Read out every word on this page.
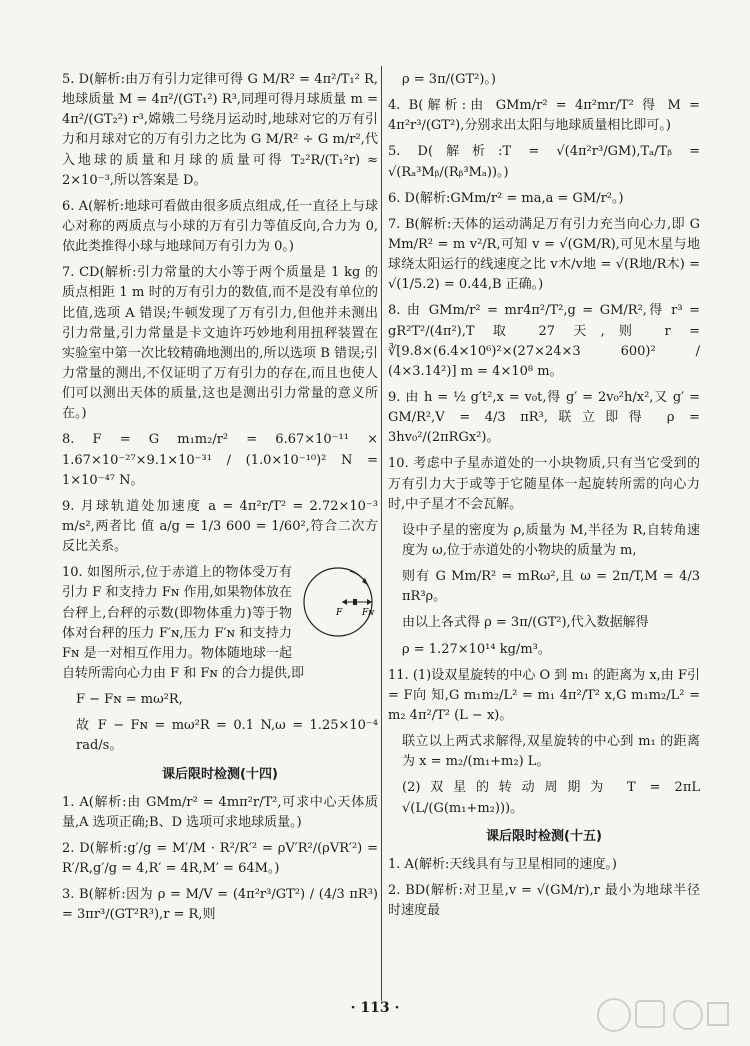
5. D(解析:由万有引力定律可得 G M/R² = 4π²/T₁² R,地球质量 M = 4π²/(GT₁²) R³,同理可得月球质量 m = 4π²/(GT₂²) r³,嫦娥二号绕月运动时,地球对它的万有引力和月球对它的万有引力之比为 G M/R² ÷ G m/r²,代入地球的质量和月球的质量可得 T₂²R/(T₁²r) ≈ 2×10⁻³,所以答案是 D。

6. A(解析:地球可看做由很多质点组成,任一直径上与球心对称的两质点与小球的万有引力等值反向,合力为 0,依此类推得小球与地球间万有引力为 0。)

7. CD(解析:引力常量的大小等于两个质量是 1 kg 的质点相距 1 m 时的万有引力的数值,而不是没有单位的比值,选项 A 错误;牛顿发现了万有引力,但他并未测出引力常量,引力常量是卡文迪许巧妙地利用扭秤装置在实验室中第一次比较精确地测出的,所以选项 B 错误;引力常量的测出,不仅证明了万有引力的存在,而且也使人们可以测出天体的质量,这也是测出引力常量的意义所在。)

8. F = G m₁m₂/r² = 6.67×10⁻¹¹ × 1.67×10⁻²⁷×9.1×10⁻³¹ / (1.0×10⁻¹⁰)² N = 1×10⁻⁴⁷ N。

9. 月球轨道处加速度 a = 4π²r/T² = 2.72×10⁻³ m/s²,两者比 值 a/g = 1/3 600 = 1/60²,符合二次方反比关系。

F Fɴ
10. 如图所示,位于赤道上的物体受万有引力 F 和支持力 Fɴ 作用,如果物体放在台秤上,台秤的示数(即物体重力)等于物体对台秤的压力 F′ɴ,压力 F′ɴ 和支持力 Fɴ 是一对相互作用力。物体随地球一起自转所需向心力由 F 和 Fɴ 的合力提供,即

F − Fɴ = mω²R,

故 F − Fɴ = mω²R = 0.1 N,ω = 1.25×10⁻⁴ rad/s。

课后限时检测(十四)

1. A(解析:由 GMm/r² = 4mπ²r/T²,可求中心天体质量,A 选项正确;B、D 选项可求地球质量。)

2. D(解析:g′/g = M′/M · R²/R′² = ρV′R²/(ρVR′²) = R′/R,g′/g = 4,R′ = 4R,M′ = 64M。)

3. B(解析:因为 ρ = M/V = (4π²r³/GT²) / (4/3 πR³) = 3πr³/(GT²R³),r = R,则

ρ = 3π/(GT²)。)

4. B(解析:由 GMm/r² = 4π²mr/T² 得 M = 4π²r³/(GT²),分别求出太阳与地球质量相比即可。)

5. D(解析:T = √(4π²r³/GM),Tₐ/Tᵦ = √(Rₐ³Mᵦ/(Rᵦ³Mₐ))。)

6. D(解析:GMm/r² = ma,a = GM/r²。)

7. B(解析:天体的运动满足万有引力充当向心力,即 G Mm/R² = m v²/R,可知 v = √(GM/R),可见木星与地球绕太阳运行的线速度之比 v木/v地 = √(R地/R木) = √(1/5.2) = 0.44,B 正确。)

8. 由 GMm/r² = mr4π²/T²,g = GM/R²,得 r³ = gR²T²/(4π²),T 取 27 天,则 r = ∛[9.8×(6.4×10⁶)²×(27×24×3 600)² / (4×3.14²)] m = 4×10⁸ m。

9. 由 h = ½ g′t²,x = v₀t,得 g′ = 2v₀²h/x²,又 g′ = GM/R²,V = 4/3 πR³,联立即得 ρ = 3hv₀²/(2πRGx²)。

10. 考虑中子星赤道处的一小块物质,只有当它受到的万有引力大于或等于它随星体一起旋转所需的向心力时,中子星才不会瓦解。

设中子星的密度为 ρ,质量为 M,半径为 R,自转角速度为 ω,位于赤道处的小物块的质量为 m,

则有 G Mm/R² = mRω²,且 ω = 2π/T,M = 4/3 πR³ρ。

由以上各式得 ρ = 3π/(GT²),代入数据解得

ρ = 1.27×10¹⁴ kg/m³。

11. (1)设双星旋转的中心 O 到 m₁ 的距离为 x,由 F引 = F向 知,G m₁m₂/L² = m₁ 4π²/T² x,G m₁m₂/L² = m₂ 4π²/T² (L − x)。

联立以上两式求解得,双星旋转的中心到 m₁ 的距离为 x = m₂/(m₁+m₂) L。

(2)双星的转动周期为 T = 2πL √(L/(G(m₁+m₂)))。

课后限时检测(十五)

1. A(解析:天线具有与卫星相同的速度。)

2. BD(解析:对卫星,v = √(GM/r),r 最小为地球半径时速度最

· 113 ·
